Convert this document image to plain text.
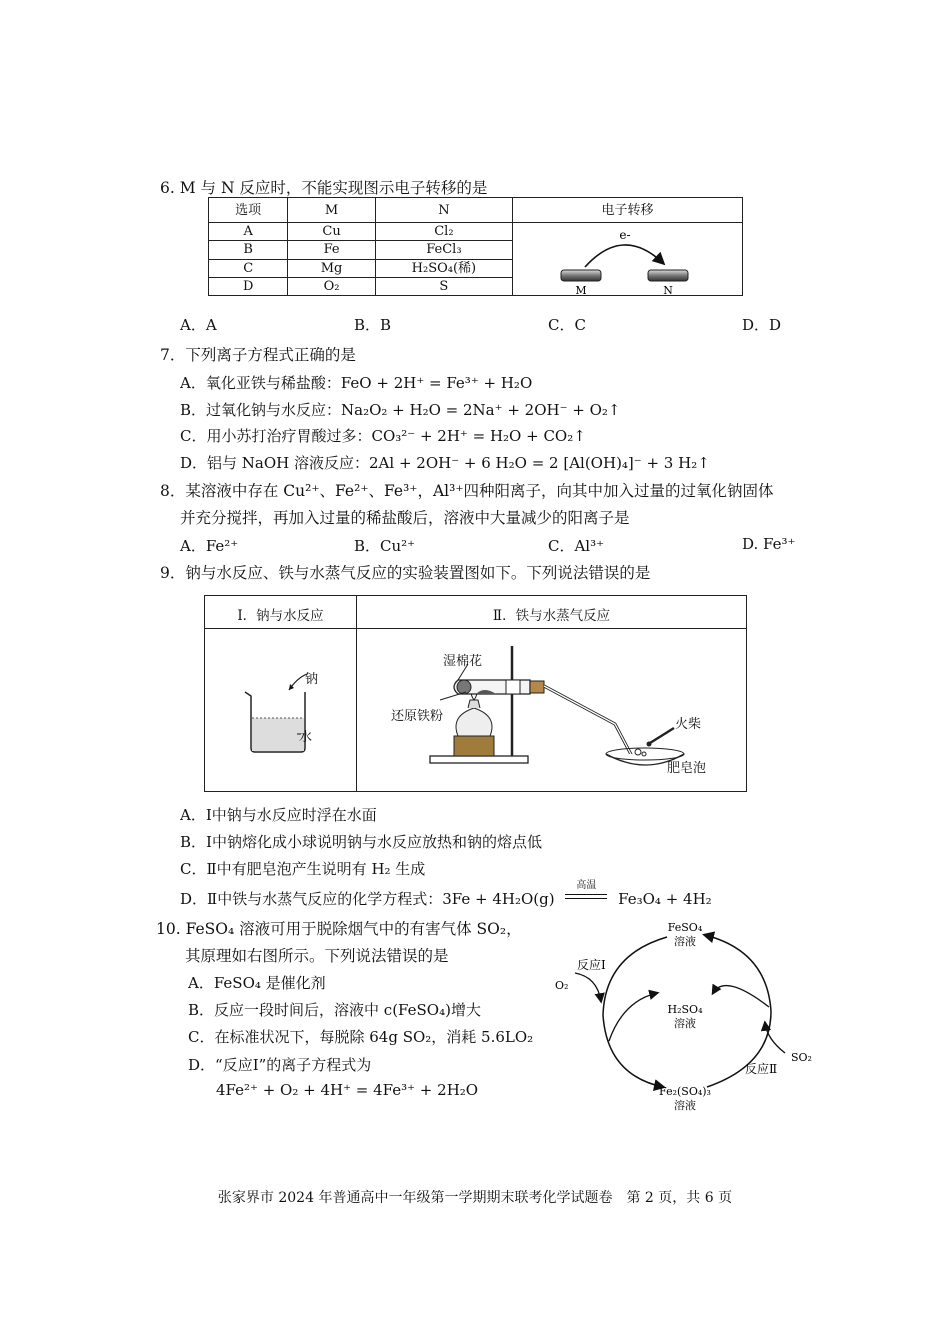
6. M 与 N 反应时，不能实现图示电子转移的是
选项	M	N	电子转移
A	Cu	Cl₂	e-
M N

B	Fe	FeCl₃	
C	Mg	H₂SO₄(稀)	
D	O₂	S	
A．A	B．B	C．C	D．D
7．下列离子方程式正确的是
A．氧化亚铁与稀盐酸：FeO + 2H⁺ = Fe³⁺ + H₂O
B．过氧化钠与水反应：Na₂O₂ + H₂O = 2Na⁺ + 2OH⁻ + O₂↑
C．用小苏打治疗胃酸过多：CO₃²⁻ + 2H⁺ = H₂O + CO₂↑
D．铝与 NaOH 溶液反应：2Al + 2OH⁻ + 6 H₂O = 2 [Al(OH)₄]⁻ + 3 H₂↑
8．某溶液中存在 Cu²⁺、Fe²⁺、Fe³⁺，Al³⁺四种阳离子，向其中加入过量的过氧化钠固体
并充分搅拌，再加入过量的稀盐酸后，溶液中大量减少的阳离子是
A．Fe²⁺	B．Cu²⁺	C．Al³⁺	D. Fe³⁺
9．钠与水反应、铁与水蒸气反应的实验装置图如下。下列说法错误的是
Ⅰ．钠与水反应	Ⅱ．铁与水蒸气反应
钠
水
湿棉花
还原铁粉
火柴
肥皂泡
A．Ⅰ中钠与水反应时浮在水面
B．Ⅰ中钠熔化成小球说明钠与水反应放热和钠的熔点低
C．Ⅱ中有肥皂泡产生说明有 H₂ 生成
D．Ⅱ中铁与水蒸气反应的化学方程式：3Fe + 4H₂O(g)
高温
Fe₃O₄ + 4H₂
10. FeSO₄ 溶液可用于脱除烟气中的有害气体 SO₂，
其原理如右图所示。下列说法错误的是
A．FeSO₄ 是催化剂
B．反应一段时间后，溶液中 c(FeSO₄)增大
C．在标准状况下，每脱除 64g SO₂，消耗 5.6LO₂
D．“反应Ⅰ”的离子方程式为
4Fe²⁺ + O₂ + 4H⁺ = 4Fe³⁺ + 2H₂O
FeSO₄
溶液
H₂SO₄
溶液
Fe₂(SO₄)₃
溶液
反应Ⅰ
反应Ⅱ
O₂
SO₂
张家界市 2024 年普通高中一年级第一学期期末联考化学试题卷　第 2 页，共 6 页
